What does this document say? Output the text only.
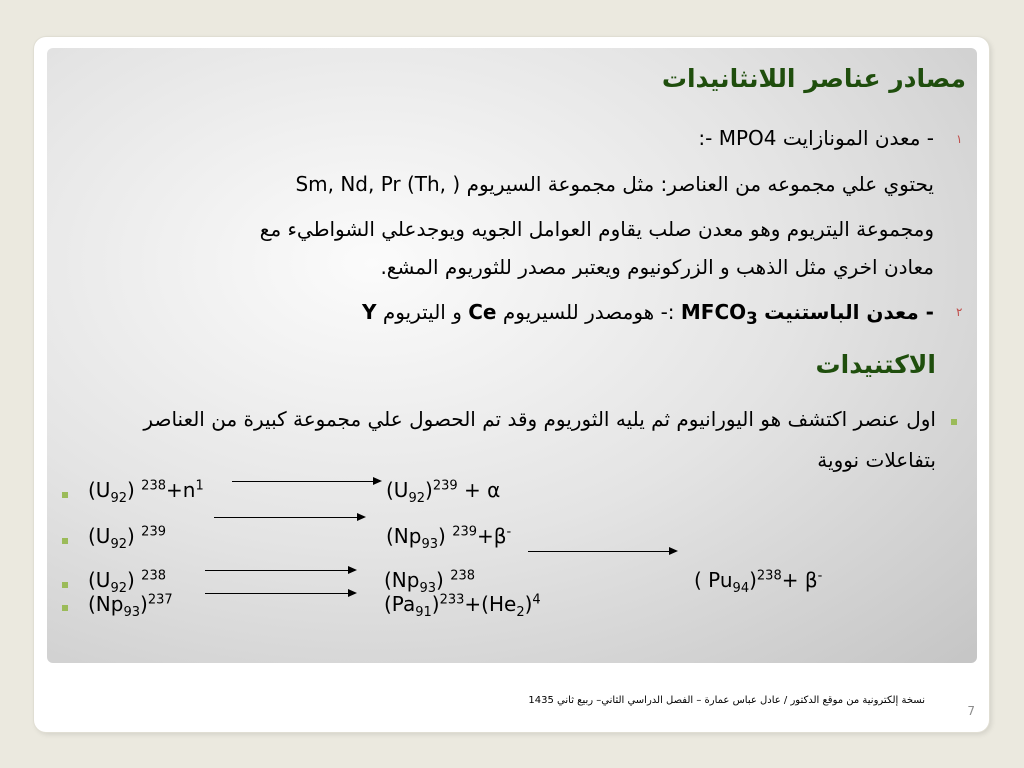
مصادر عناصر اللانثانيدات
١
- معدن المونازايت MPO4 :-
يحتوي علي مجموعه من العناصر: مثل مجموعة السيريوم ( Sm, Nd, Pr (Th,
ومجموعة اليتريوم وهو معدن صلب يقاوم العوامل الجويه ويوجدعلي الشواطيء مع
معادن اخري مثل الذهب و الزركونيوم ويعتبر مصدر للثوريوم المشع.
٢
- معدن الباستنيت $MFCO_3$ :- هومصدر للسيريوم Ce و اليتريوم Y
الاكتنيدات
اول عنصر اكتشف هو اليورانيوم ثم يليه الثوريوم وقد تم الحصول علي مجموعة كبيرة من العناصر
بتفاعلات نووية
$(U_{92})$ $^{238}+n^1$	$(U_{92})^{239} + \alpha$
$(U_{92})$ $^{239}$	$(Np_{93})$ $^{239}$+β-
$(U_{92})$ $^{238}$	$(Np_{93})$ $^{238}$	( $Pu_{94})^{238}+ \beta^-$
$(Np_{93})^{237}$	$(Pa_{91})^{233}+(He_2)^4$
نسخة إلكترونية من موقع الدكتور / عادل عباس عمارة – الفصل الدراسي الثاني– ربيع ثاني 1435
7
